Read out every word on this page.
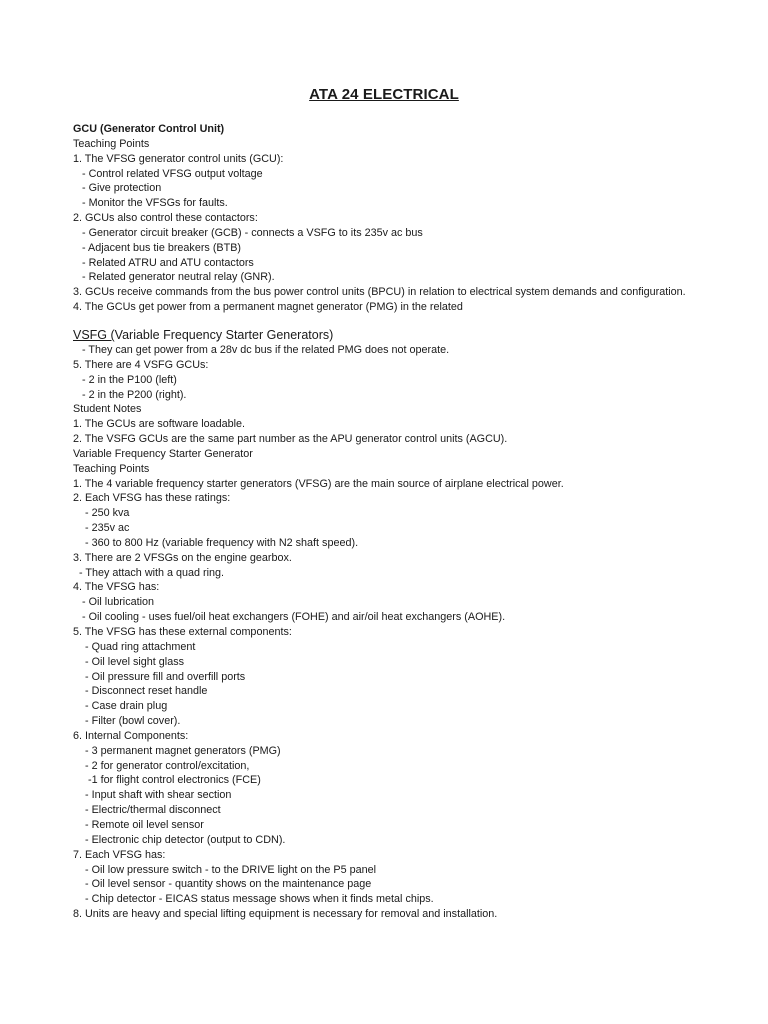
ATA 24 ELECTRICAL
GCU (Generator Control Unit)
Teaching Points
1. The VFSG generator control units (GCU):
- Control related VFSG output voltage
- Give protection
- Monitor the VFSGs for faults.
2. GCUs also control these contactors:
- Generator circuit breaker (GCB) - connects a VSFG to its 235v ac bus
- Adjacent bus tie breakers (BTB)
- Related ATRU and ATU contactors
- Related generator neutral relay (GNR).
3. GCUs receive commands from the bus power control units (BPCU) in relation to electrical system demands and configuration.
4. The GCUs get power from a permanent magnet generator (PMG) in the related
VSFG (Variable Frequency Starter Generators)
- They can get power from a 28v dc bus if the related PMG does not operate.
5. There are 4 VSFG GCUs:
- 2 in the P100 (left)
- 2 in the P200 (right).
Student Notes
1. The GCUs are software loadable.
2. The VSFG GCUs are the same part number as the APU generator control units (AGCU).
Variable Frequency Starter Generator
Teaching Points
1. The 4 variable frequency starter generators (VFSG) are the main source of airplane electrical power.
2. Each VFSG has these ratings:
- 250 kva
- 235v ac
- 360 to 800 Hz (variable frequency with N2 shaft speed).
3. There are 2 VFSGs on the engine gearbox.
- They attach with a quad ring.
4. The VFSG has:
- Oil lubrication
- Oil cooling - uses fuel/oil heat exchangers (FOHE) and air/oil heat exchangers (AOHE).
5. The VFSG has these external components:
- Quad ring attachment
- Oil level sight glass
- Oil pressure fill and overfill ports
- Disconnect reset handle
- Case drain plug
- Filter (bowl cover).
6. Internal Components:
- 3 permanent magnet generators (PMG)
- 2 for generator control/excitation,
-1 for flight control electronics (FCE)
- Input shaft with shear section
- Electric/thermal disconnect
- Remote oil level sensor
- Electronic chip detector (output to CDN).
7. Each VFSG has:
- Oil low pressure switch - to the DRIVE light on the P5 panel
- Oil level sensor - quantity shows on the maintenance page
- Chip detector - EICAS status message shows when it finds metal chips.
8. Units are heavy and special lifting equipment is necessary for removal and installation.
